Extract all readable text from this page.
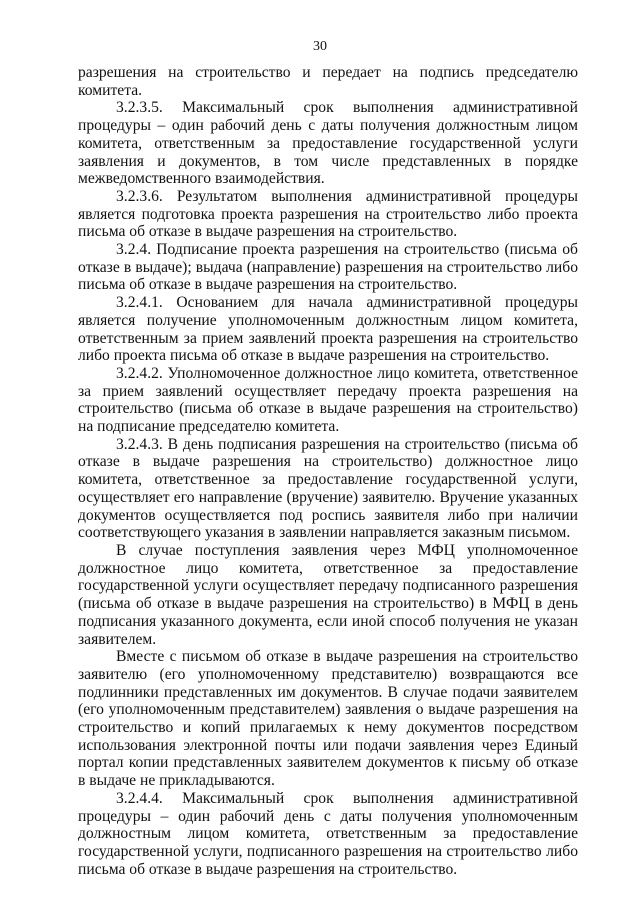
30

разрешения на строительство и передает на подпись председателю комитета.

3.2.3.5. Максимальный срок выполнения административной процедуры – один рабочий день с даты получения должностным лицом комитета, ответственным за предоставление государственной услуги заявления и документов, в том числе представленных в порядке межведомственного взаимодействия.

3.2.3.6. Результатом выполнения административной процедуры является подготовка проекта разрешения на строительство либо проекта письма об отказе в выдаче разрешения на строительство.

3.2.4. Подписание проекта разрешения на строительство (письма об отказе в выдаче); выдача (направление) разрешения на строительство либо письма об отказе в выдаче разрешения на строительство.

3.2.4.1. Основанием для начала административной процедуры является получение уполномоченным должностным лицом комитета, ответственным за прием заявлений проекта разрешения на строительство либо проекта письма об отказе в выдаче разрешения на строительство.

3.2.4.2. Уполномоченное должностное лицо комитета, ответственное за прием заявлений осуществляет передачу проекта разрешения на строительство (письма об отказе в выдаче разрешения на строительство) на подписание председателю комитета.

3.2.4.3. В день подписания разрешения на строительство (письма об отказе в выдаче разрешения на строительство) должностное лицо комитета, ответственное за предоставление государственной услуги, осуществляет его направление (вручение) заявителю. Вручение указанных документов осуществляется под роспись заявителя либо при наличии соответствующего указания в заявлении направляется заказным письмом.

В случае поступления заявления через МФЦ уполномоченное должностное лицо комитета, ответственное за предоставление государственной услуги осуществляет передачу подписанного разрешения (письма об отказе в выдаче разрешения на строительство) в МФЦ в день подписания указанного документа, если иной способ получения не указан заявителем.

Вместе с письмом об отказе в выдаче разрешения на строительство заявителю (его уполномоченному представителю) возвращаются все подлинники представленных им документов. В случае подачи заявителем (его уполномоченным представителем) заявления о выдаче разрешения на строительство и копий прилагаемых к нему документов посредством использования электронной почты или подачи заявления через Единый портал копии представленных заявителем документов к письму об отказе в выдаче не прикладываются.

3.2.4.4. Максимальный срок выполнения административной процедуры – один рабочий день с даты получения уполномоченным должностным лицом комитета, ответственным за предоставление государственной услуги, подписанного разрешения на строительство либо письма об отказе в выдаче разрешения на строительство.
